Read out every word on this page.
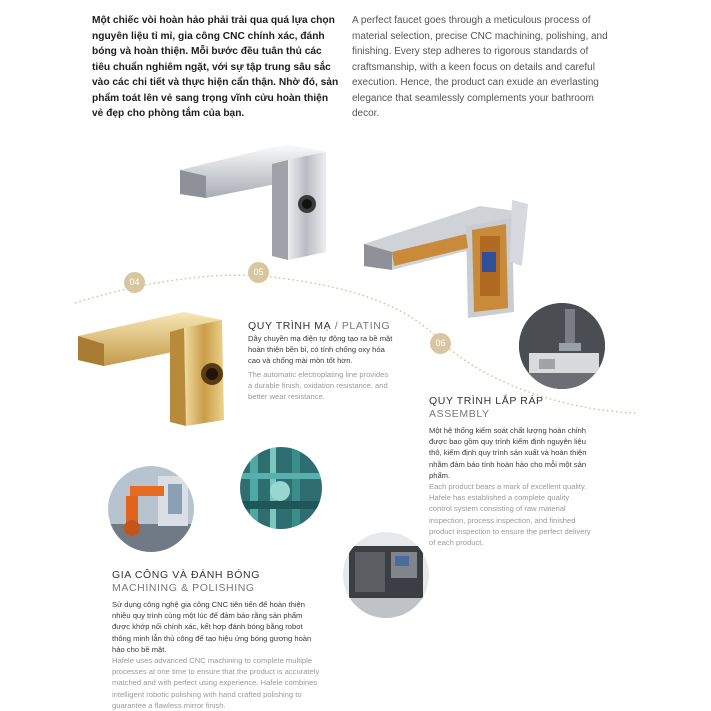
Một chiếc vòi hoàn hảo phải trải qua quá lựa chọn nguyên liệu tỉ mỉ, gia công CNC chính xác, đánh bóng và hoàn thiện. Mỗi bước đều tuân thủ các tiêu chuẩn nghiêm ngặt, với sự tập trung sâu sắc vào các chi tiết và thực hiện cẩn thận. Nhờ đó, sản phẩm toát lên vẻ sang trọng vĩnh cửu hoàn thiện vẻ đẹp cho phòng tắm của bạn.
A perfect faucet goes through a meticulous process of material selection, precise CNC machining, polishing, and finishing. Every step adheres to rigorous standards of craftsmanship, with a keen focus on details and careful execution. Hence, the product can exude an everlasting elegance that seamlessly complements your bathroom decor.
04
05
06
QUY TRÌNH MẠ / PLATING
Dây chuyền mạ điện tự động tạo ra bề mặt hoàn thiện bền bỉ, có tính chống oxy hóa cao và chống mài mòn tốt hơn.
The automatic electroplating line provides a durable finish, oxidation resistance, and better wear resistance.	QUY TRÌNH LẮP RÁP
ASSEMBLY
Một hệ thống kiểm soát chất lượng hoàn chỉnh được bao gồm quy trình kiểm định nguyên liệu thô, kiểm định quy trình sản xuất và hoàn thiện nhằm đảm bảo tính hoàn hảo cho mỗi một sản phẩm.
Each product bears a mark of excellent quality. Hafele has established a complete quality control system consisting of raw material inspection, process inspection, and finished product inspection to ensure the perfect delivery of each product.
GIA CÔNG VÀ ĐÁNH BÓNG
MACHINING & POLISHING
Sử dụng công nghệ gia công CNC tiên tiến để hoàn thiện nhiều quy trình cùng một lúc để đảm bảo rằng sản phẩm được khớp nối chính xác, kết hợp đánh bóng bằng robot thông minh lẫn thủ công để tạo hiệu ứng bóng gương hoàn hảo cho bề mặt.
Hafele uses advanced CNC machining to complete multiple processes at one time to ensure that the product is accurately matched and with perfect using experience. Hafele combines intelligent robotic polishing with hand crafted polishing to guarantee a flawless mirror finish.
